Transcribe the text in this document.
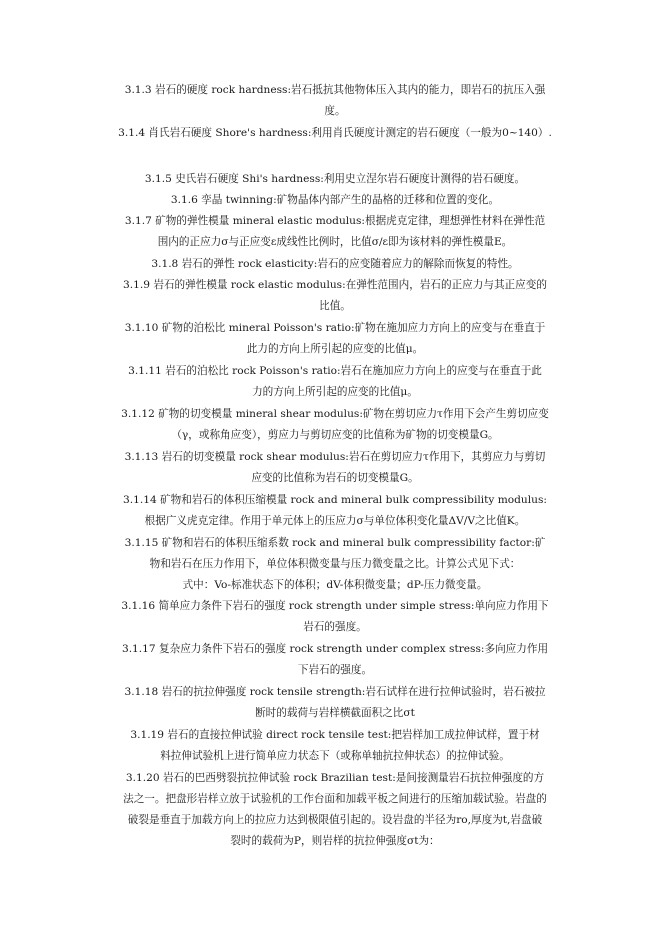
3.1.3 岩石的硬度 rock hardness:岩石抵抗其他物体压入其内的能力，即岩石的抗压入强

度。

3.1.4 肖氏岩石硬度 Shore's hardness:利用肖氏硬度计测定的岩石硬度（一般为0~140）.

3.1.5 史氏岩石硬度 Shi's hardness:利用史立涅尔岩石硬度计测得的岩石硬度。

3.1.6 孪晶 twinning:矿物晶体内部产生的晶格的迁移和位置的变化。

3.1.7 矿物的弹性模量 mineral elastic modulus:根据虎克定律，理想弹性材料在弹性范

围内的正应力σ与正应变ε成线性比例时，比值σ/ε即为该材料的弹性模量E。

3.1.8 岩石的弹性 rock elasticity:岩石的应变随着应力的解除而恢复的特性。

3.1.9 岩石的弹性模量 rock elastic modulus:在弹性范围内，岩石的正应力与其正应变的

比值。

3.1.10 矿物的泊松比 mineral Poisson's ratio:矿物在施加应力方向上的应变与在垂直于

此力的方向上所引起的应变的比值μ。

3.1.11 岩石的泊松比 rock Poisson's ratio:岩石在施加应力方向上的应变与在垂直于此

力的方向上所引起的应变的比值μ。

3.1.12 矿物的切变模量 mineral shear modulus:矿物在剪切应力τ作用下会产生剪切应变

（γ，或称角应变），剪应力与剪切应变的比值称为矿物的切变模量G。

3.1.13 岩石的切变模量 rock shear modulus:岩石在剪切应力τ作用下，其剪应力与剪切

应变的比值称为岩石的切变模量G。

3.1.14 矿物和岩石的体积压缩模量 rock and mineral bulk compressibility modulus:

根据广义虎克定律。作用于单元体上的压应力σ与单位体积变化量ΔV/V之比值K。

3.1.15 矿物和岩石的体积压缩系数 rock and mineral bulk compressibility factor:矿

物和岩石在压力作用下，单位体积微变量与压力微变量之比。计算公式见下式：

式中：Vo-标准状态下的体积；dV-体积微变量；dP-压力微变量。

3.1.16 简单应力条件下岩石的强度 rock strength under simple stress:单向应力作用下

岩石的强度。

3.1.17 复杂应力条件下岩石的强度 rock strength under complex stress:多向应力作用

下岩石的强度。

3.1.18 岩石的抗拉伸强度 rock tensile strength:岩石试样在进行拉伸试验时，岩石被拉

断时的载荷与岩样横截面积之比σt

3.1.19 岩石的直接拉伸试验 direct rock tensile test:把岩样加工成拉伸试样，置于材

料拉伸试验机上进行简单应力状态下（或称单轴抗拉伸状态）的拉伸试验。

3.1.20 岩石的巴西劈裂抗拉伸试验 rock Brazilian test:是间接测量岩石抗拉伸强度的方

法之一。把盘形岩样立放于试验机的工作台面和加载平板之间进行的压缩加载试验。岩盘的

破裂是垂直于加载方向上的拉应力达到极限值引起的。设岩盘的半径为ro,厚度为t,岩盘破

裂时的载荷为P，则岩样的抗拉伸强度σt为：
